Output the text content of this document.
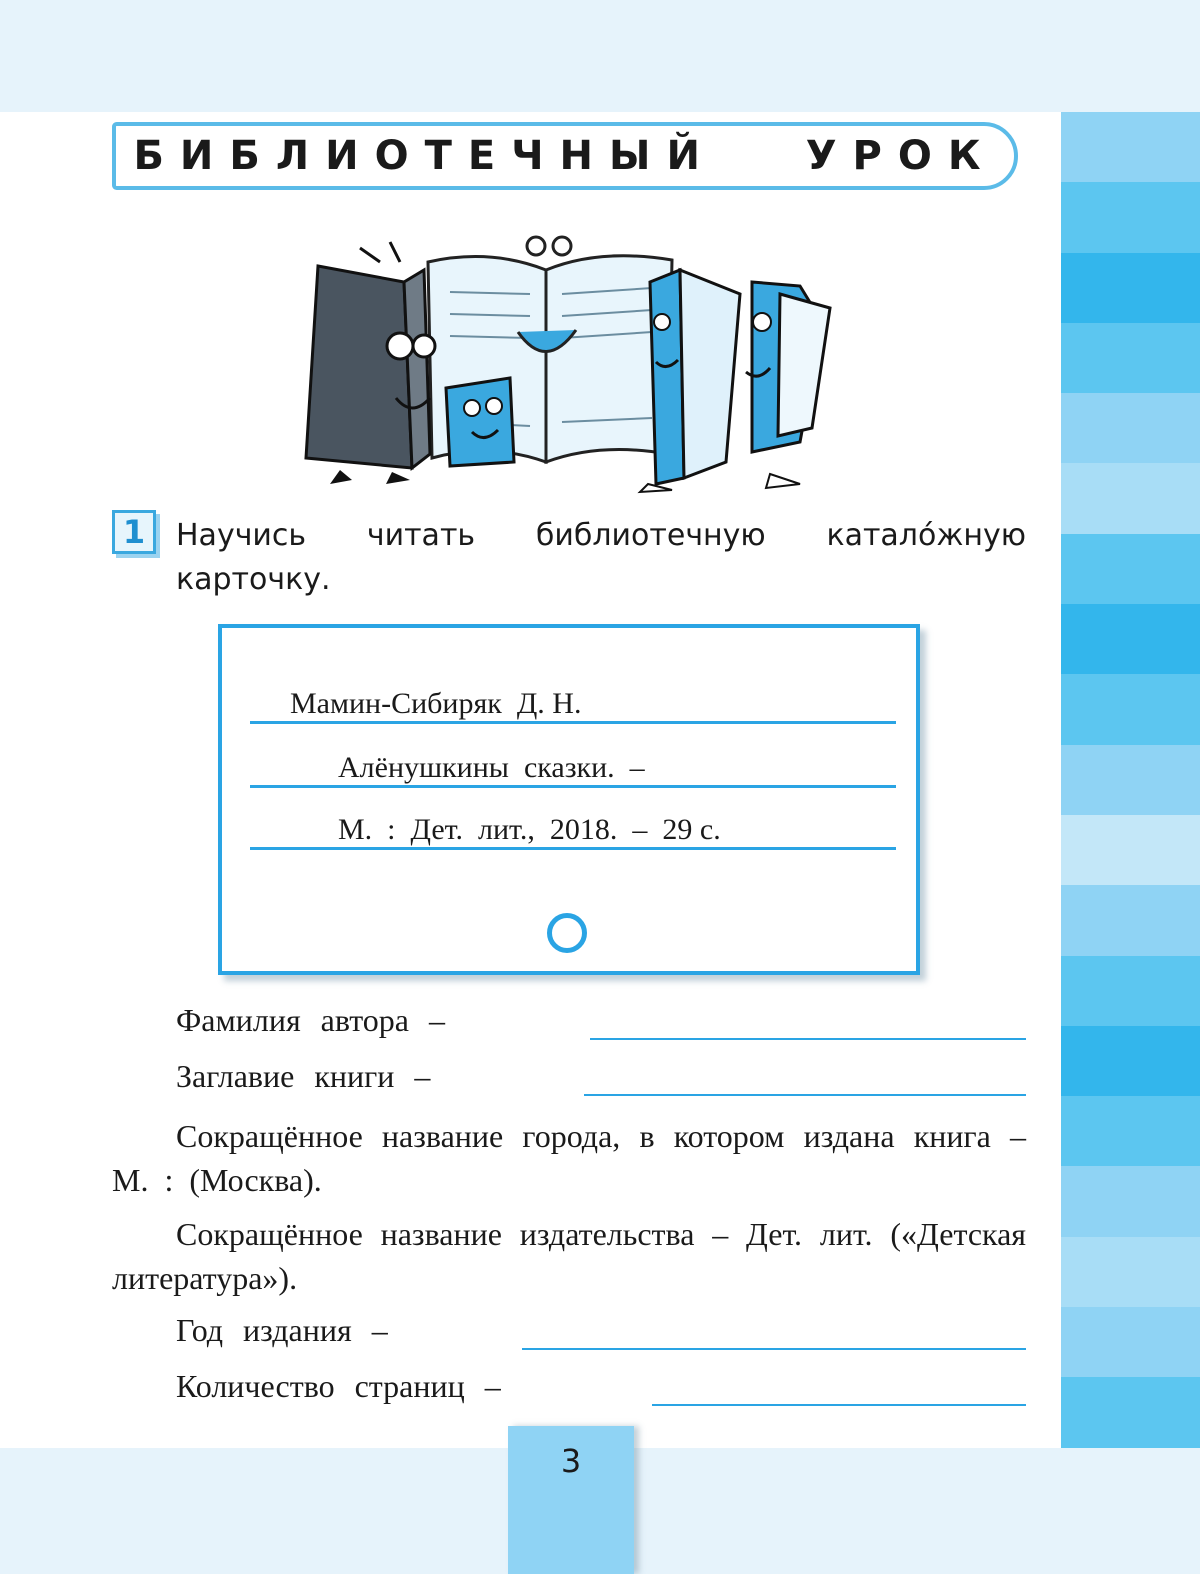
БИБЛИОТЕЧНЫЙ   УРОК
1	Научись читать библиотечную катало́жную карточку.
Мамин-Сибиряк  Д. Н.
Алёнушкины  сказки.  –
М.  :  Дет.  лит.,  2018.  –  29 с.
Фамилия автора –
Заглавие книги –
Сокращённое название города, в котором издана книга – М. : (Москва).
Сокращённое название издательства – Дет. лит. («Детская литература»).
Год издания –
Количество страниц –
3
